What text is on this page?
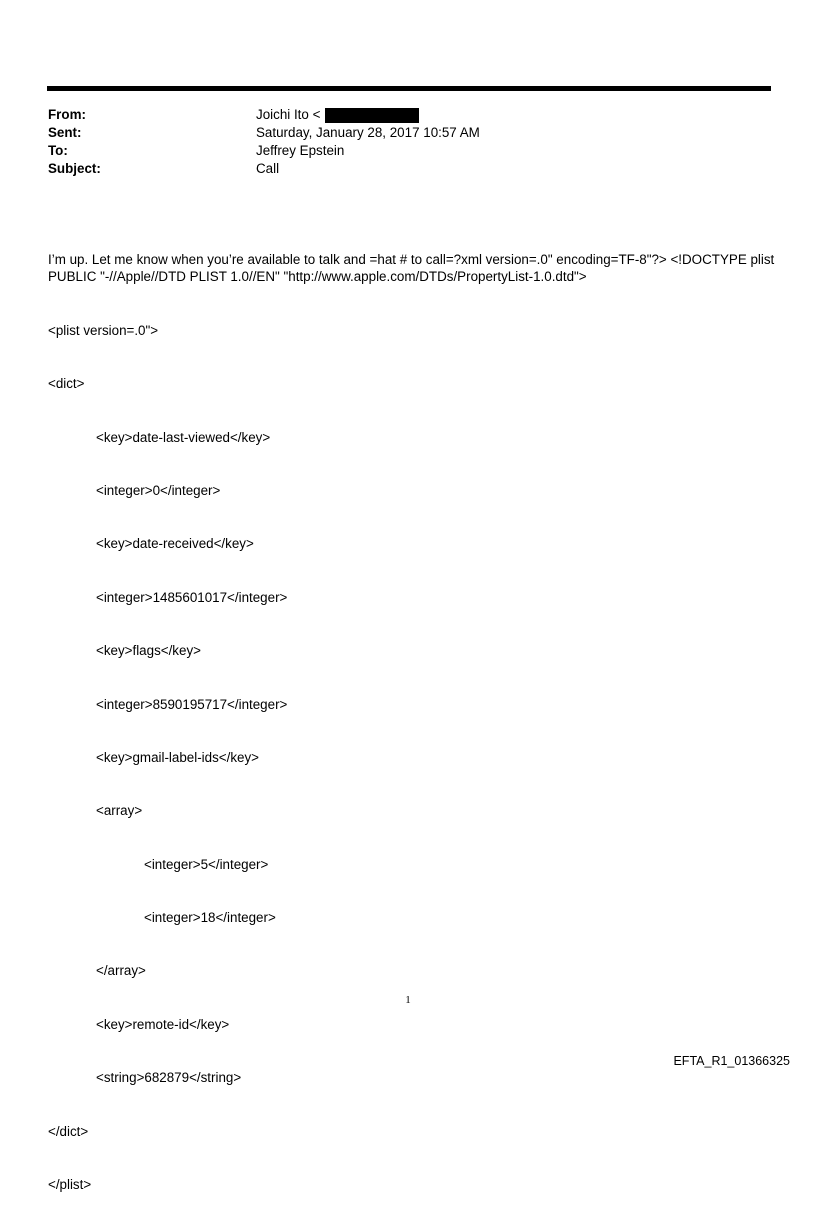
From:	Joichi Ito <
Sent:	Saturday, January 28, 2017 10:57 AM
To:	Jeffrey Epstein
Subject:	Call

I’m up. Let me know when you’re available to talk and =hat # to call=?xml version=.0" encoding=TF-8"?> <!DOCTYPE plist PUBLIC "-//Apple//DTD PLIST 1.0//EN" "http://www.apple.com/DTDs/PropertyList-1.0.dtd">

<plist version=.0">

<dict>

<key>date-last-viewed</key>

<integer>0</integer>

<key>date-received</key>

<integer>1485601017</integer>

<key>flags</key>

<integer>8590195717</integer>

<key>gmail-label-ids</key>

<array>

<integer>5</integer>

<integer>18</integer>

</array>

<key>remote-id</key>

<string>682879</string>

</dict>

</plist>

1
EFTA_R1_01366325
